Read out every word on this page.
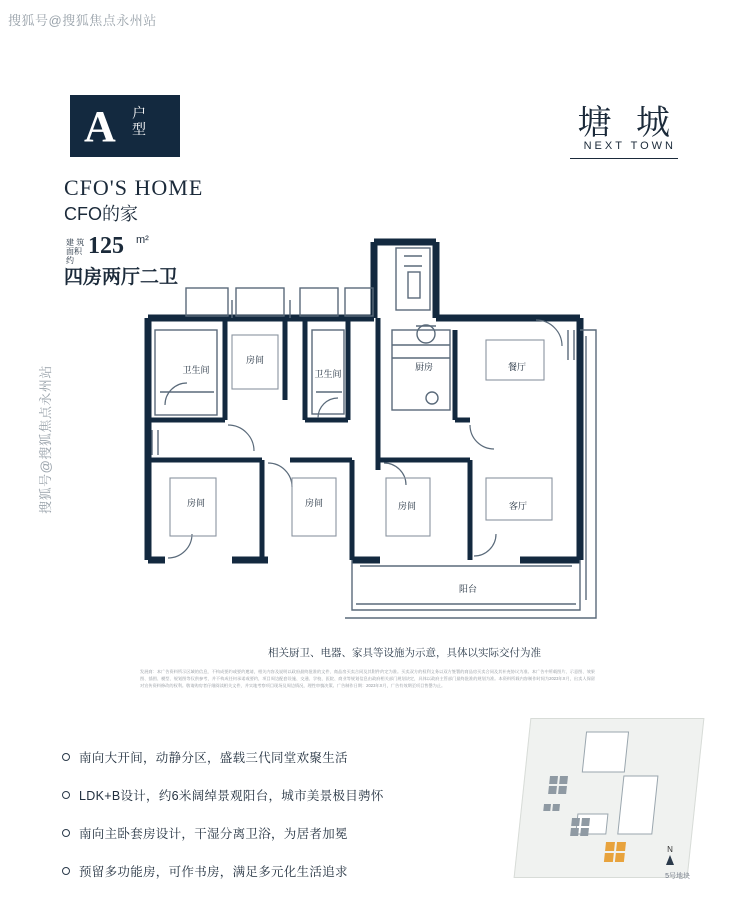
搜狐号@搜狐焦点永州站
搜狐号@搜狐焦点永州站
A 户型
CFO'S HOME
CFO的家
建 筑
面积约
125 m²
四房两厅二卫
塘 城
NEXT TOWN
卫生间
房间
卫生间
厨房	餐厅
房间	房间	房间	客厅
阳台
相关厨卫、电器、家具等设施为示意，具体以实际交付为准
发展商：本广告资料所示区域的信息，不构成要约或要约邀请，相关内容及说明以政府最终批准的文件、商品房买卖合同及其附件约定为准。买卖双方的权利义务以双方签署的商品房买卖合同及其补充协议为准。本广告中所载图片、示意图、效果图、插图、模型、规划图等仅供参考，并不构成任何承诺或要约，项目周边配套设施、交通、学校、医院、商业等规划信息由政府相关部门规划决定，具体以政府主管部门最终批准的规划为准。本资料所载内容制作时间为2023年X月，出卖人保留对宣传资料修改的权利。敬请购房者仔细阅读相关文件，并实地考察项目现场及周边情况，理性审慎决策。广告制作日期：2023年X月，广告有效期至项目售罄为止。
南向大开间，动静分区，盛载三代同堂欢聚生活
LDK+B设计，约6米阔绰景观阳台，城市美景极目骋怀
南向主卧套房设计，干湿分离卫浴，为居者加冕
预留多功能房，可作书房，满足多元化生活追求
N
5号地块
